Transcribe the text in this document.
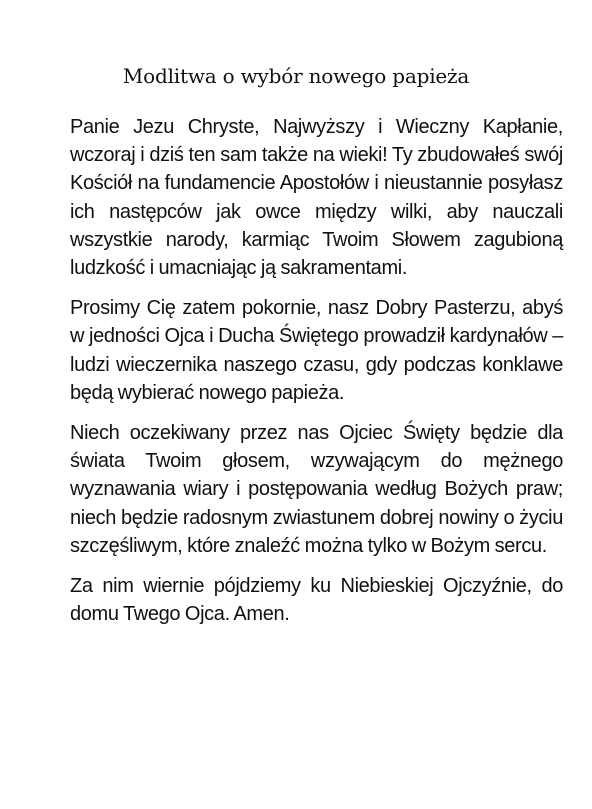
Modlitwa o wybór nowego papieża

Panie Jezu Chryste, Najwyższy i Wieczny Kapłanie, wczoraj i dziś ten sam także na wieki! Ty zbudowałeś swój Kościół na fundamencie Apostołów i nieustannie posyłasz ich następców jak owce między wilki, aby nauczali wszystkie narody, karmiąc Twoim Słowem zagubioną ludzkość i umacniając ją sakramentami.

Prosimy Cię zatem pokornie, nasz Dobry Pasterzu, abyś w jedności Ojca i Ducha Świętego prowadził kardynałów – ludzi wieczernika naszego czasu, gdy podczas konklawe będą wybierać nowego papieża.

Niech oczekiwany przez nas Ojciec Święty będzie dla świata Twoim głosem, wzywającym do mężnego wyznawania wiary i postępowania według Bożych praw; niech będzie radosnym zwiastunem dobrej nowiny o życiu szczęśliwym, które znaleźć można tylko w Bożym sercu.

Za nim wiernie pójdziemy ku Niebieskiej Ojczyźnie, do domu Twego Ojca. Amen.
